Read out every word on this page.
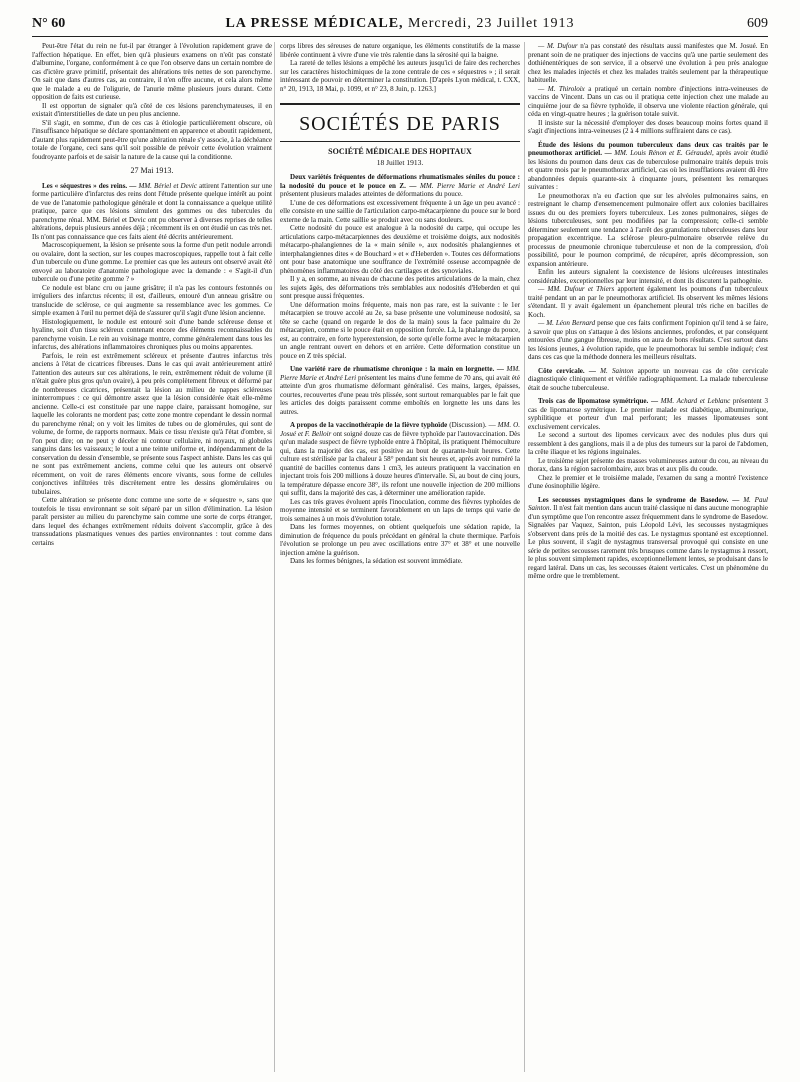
N° 60	LA PRESSE MÉDICALE, Mercredi, 23 Juillet 1913	609

Peut-être l'état du rein ne fut-il par étranger à l'évolution rapidement grave de l'affection hépatique. En effet, bien qu'à plusieurs examens on n'eût pas constaté d'albumine, l'organe, conformément à ce que l'on observe dans un certain nombre de cas d'ictère grave primitif, présentait des altérations très nettes de son parenchyme. On sait que dans d'autres cas, au contraire, il n'en offre aucune, et cela alors même que le malade a eu de l'oligurie, de l'anurie même plusieurs jours durant. Cette opposition de faits est curieuse.

Il est opportun de signaler qu'à côté de ces lésions parenchymateuses, il en existait d'interstitielles de date un peu plus ancienne.

S'il s'agit, en somme, d'un de ces cas à étiologie particulièrement obscure, où l'insuffisance hépatique se déclare spontanément en apparence et aboutit rapidement, d'autant plus rapidement peut-être qu'une altération rénale s'y associe, à la déchéance totale de l'organe, ceci sans qu'il soit possible de prévoir cette évolution vraiment foudroyante parfois et de saisir la nature de la cause qui la conditionne.

27 Mai 1913.

Les « séquestres » des reins. — MM. Bériel et Devic attirent l'attention sur une forme particulière d'infarctus des reins dont l'étude présente quelque intérêt au point de vue de l'anatomie pathologique générale et dont la connaissance a quelque utilité pratique, parce que ces lésions simulent des gommes ou des tubercules du parenchyme rénal. MM. Bériel et Devic ont pu observer à diverses reprises de telles altérations, depuis plusieurs années déjà ; récemment ils en ont étudié un cas très net. Ils n'ont pas connaissance que ces faits aient été décrits antérieurement.

Macroscopiquement, la lésion se présente sous la forme d'un petit nodule arrondi ou ovalaire, dont la section, sur les coupes macroscopiques, rappelle tout à fait celle d'un tubercule ou d'une gomme. Le premier cas que les auteurs ont observé avait été envoyé au laboratoire d'anatomie pathologique avec la demande : « S'agit-il d'un tubercule ou d'une petite gomme ? »

Ce nodule est blanc cru ou jaune grisâtre; il n'a pas les contours festonnés ou irréguliers des infarctus récents; il est, d'ailleurs, entouré d'un anneau grisâtre ou translucide de sclérose, ce qui augmente sa ressemblance avec les gommes. Ce simple examen à l'œil nu permet déjà de s'assurer qu'il s'agit d'une lésion ancienne.

Histologiquement, le nodule est entouré soit d'une bande scléreuse dense et hyaline, soit d'un tissu scléreux contenant encore des éléments reconnaissables du parenchyme voisin. Le rein au voisinage montre, comme généralement dans tous les infarctus, des altérations inflammatoires chroniques plus ou moins apparentes.

Parfois, le rein est extrêmement scléreux et présente d'autres infarctus très anciens à l'état de cicatrices fibreuses. Dans le cas qui avait antérieurement attiré l'attention des auteurs sur ces altérations, le rein, extrêmement réduit de volume (il n'était guère plus gros qu'un ovaire), à peu près complètement fibreux et déformé par de nombreuses cicatrices, présentait la lésion au milieu de nappes scléreuses ininterrompues : ce qui démontre assez que la lésion considérée était elle-même ancienne. Celle-ci est constituée par une nappe claire, paraissant homogène, sur laquelle les colorants ne mordent pas; cette zone montre cependant le dessin normal du parenchyme rénal; on y voit les limites de tubes ou de glomérules, qui sont de volume, de forme, de rapports normaux. Mais ce tissu n'existe qu'à l'état d'ombre, si l'on peut dire; on ne peut y déceler ni contour cellulaire, ni noyaux, ni globules sanguins dans les vaisseaux; le tout a une teinte uniforme et, indépendamment de la conservation du dessin d'ensemble, se présente sous l'aspect anhiste. Dans les cas qui ne sont pas extrêmement anciens, comme celui que les auteurs ont observé récemment, on voit de rares éléments encore vivants, sous forme de cellules conjonctives infiltrées très discrètement entre les dessins glomérulaires ou tubulaires.

Cette altération se présente donc comme une sorte de « séquestre », sans que toutefois le tissu environnant se soit séparé par un sillon d'élimination. La lésion paraît persister au milieu du parenchyme sain comme une sorte de corps étranger, dans lequel des échanges extrêmement réduits doivent s'accomplir, grâce à des transsudations plasmatiques venues des parties environnantes : tout comme dans certains

corps libres des séreuses de nature organique, les éléments constitutifs de la masse libérée continuent à vivre d'une vie très ralentie dans la sérosité qui la baigne.

La rareté de telles lésions a empêché les auteurs jusqu'ici de faire des recherches sur les caractères histochimiques de la zone centrale de ces « séquestres » ; il serait intéressant de pouvoir en déterminer la constitution. [D'après Lyon médical, t. CXX, n° 20, 1913, 18 Mai, p. 1099, et n° 23, 8 Juin, p. 1263.]

SOCIÉTÉS DE PARIS

SOCIÉTÉ MÉDICALE DES HOPITAUX

18 Juillet 1913.

Deux variétés fréquentes de déformations rhumatismales séniles du pouce : la nodosité du pouce et le pouce en Z. — MM. Pierre Marie et André Leri présentent plusieurs malades atteintes de déformations du pouce.

L'une de ces déformations est excessivement fréquente à un âge un peu avancé : elle consiste en une saillie de l'articulation carpo-métacarpienne du pouce sur le bord externe de la main. Cette saillie se produit avec ou sans douleurs.

Cette nodosité du pouce est analogue à la nodosité du carpe, qui occupe les articulations carpo-métacarpiennes des deuxième et troisième doigts, aux nodosités métacarpo-phalangiennes de la « main sénile », aux nodosités phalangiennes et interphalangiennes dites « de Bouchard » et « d'Heberden ». Toutes ces déformations ont pour base anatomique une souffrance de l'extrémité osseuse accompagnée de phénomènes inflammatoires du côté des cartilages et des synoviales.

Il y a, en somme, au niveau de chacune des petites articulations de la main, chez les sujets âgés, des déformations très semblables aux nodosités d'Heberden et qui sont presque aussi fréquentes.

Une déformation moins fréquente, mais non pas rare, est la suivante : le 1er métacarpien se trouve accolé au 2e, sa base présente une volumineuse nodosité, sa tête se cache (quand on regarde le dos de la main) sous la face palmaire du 2e métacarpien, comme si le pouce était en opposition forcée. Là, la phalange du pouce, est, au contraire, en forte hyperextension, de sorte qu'elle forme avec le métacarpien un angle rentrant ouvert en dehors et en arrière. Cette déformation constitue un pouce en Z très spécial.

Une variété rare de rhumatisme chronique : la main en lorgnette. — MM. Pierre Marie et André Leri présentent les mains d'une femme de 70 ans, qui avait été atteinte d'un gros rhumatisme déformant généralisé. Ces mains, larges, épaisses, courtes, recouvertes d'une peau très plissée, sont surtout remarquables par le fait que les articles des doigts paraissent comme emboîtés en lorgnette les uns dans les autres.

A propos de la vaccinothérapie de la fièvre typhoïde (Discussion). — MM. O. Josué et F. Belloir ont soigné douze cas de fièvre typhoïde par l'autovaccination. Dès qu'un malade suspect de fièvre typhoïde entre à l'hôpital, ils pratiquent l'hémoculture qui, dans la majorité des cas, est positive au bout de quarante-huit heures. Cette culture est stérilisée par la chaleur à 58° pendant six heures et, après avoir numéré la quantité de bacilles contenus dans 1 cm3, les auteurs pratiquent la vaccination en injectant trois fois 200 millions à douze heures d'intervalle. Si, au bout de cinq jours, la température dépasse encore 38°, ils refont une nouvelle injection de 200 millions qui suffit, dans la majorité des cas, à déterminer une amélioration rapide.

Les cas très graves évoluent après l'inoculation, comme des fièvres typhoïdes de moyenne intensité et se terminent favorablement en un laps de temps qui varie de trois semaines à un mois d'évolution totale.

Dans les formes moyennes, on obtient quelquefois une sédation rapide, la diminution de fréquence du pouls précédant en général la chute thermique. Parfois l'évolution se prolonge un peu avec oscillations entre 37° et 38° et une nouvelle injection amène la guérison.

Dans les formes bénignes, la sédation est souvent immédiate.

— M. Dufour n'a pas constaté des résultats aussi manifestes que M. Josué. En prenant soin de ne pratiquer des injections de vaccins qu'à une partie seulement des dothiénentériques de son service, il a observé une évolution à peu près analogue chez les malades injectés et chez les malades traités seulement par la thérapeutique habituelle.

— M. Thiroloix a pratiqué un certain nombre d'injections intra-veineuses de vaccins de Vincent. Dans un cas ou il pratiqua cette injection chez une malade au cinquième jour de sa fièvre typhoïde, il observa une violente réaction générale, qui céda en vingt-quatre heures ; la guérison totale suivit.

Il insiste sur la nécessité d'employer des doses beaucoup moins fortes quand il s'agit d'injections intra-veineuses (2 à 4 millions suffiraient dans ce cas).

Étude des lésions du poumon tuberculeux dans deux cas traités par le pneumothorax artificiel. — MM. Louis Rénon et E. Géraudel, après avoir étudié les lésions du poumon dans deux cas de tuberculose pulmonaire traités depuis trois et quatre mois par le pneumothorax artificiel, cas où les insufflations avaient dû être abandonnées depuis quarante-six à cinquante jours, présentent les remarques suivantes :

Le pneumothorax n'a eu d'action que sur les alvéoles pulmonaires sains, en restreignant le champ d'ensemencement pulmonaire offert aux colonies bacillaires issues du ou des premiers foyers tuberculeux. Les zones pulmonaires, sièges de lésions tuberculeuses, sont peu modifiées par la compression; celle-ci semble déterminer seulement une tendance à l'arrêt des granulations tuberculeuses dans leur propagation excentrique. La sclérose pleuro-pulmonaire observée relève du processus de pneumonie chronique tuberculeuse et non de la compression, d'où possibilité, pour le poumon comprimé, de récupérer, après décompression, son expansion antérieure.

Enfin les auteurs signalent la coexistence de lésions ulcéreuses intestinales considérables, exceptionnelles par leur intensité, et dont ils discutent la pathogénie.

— MM. Dufour et Thiers apportent également les poumons d'un tuberculeux traité pendant un an par le pneumothorax artificiel. Ils observent les mêmes lésions s'étendant. Il y avait également un épanchement pleural très riche en bacilles de Koch.

— M. Léon Bernard pense que ces faits confirment l'opinion qu'il tend à se faire, à savoir que plus on s'attaque à des lésions anciennes, profondes, et par conséquent entourées d'une gangue fibreuse, moins on aura de bons résultats. C'est surtout dans les lésions jeunes, à évolution rapide, que le pneumothorax lui semble indiqué; c'est dans ces cas que la méthode donnera les meilleurs résultats.

Côte cervicale. — M. Sainton apporte un nouveau cas de côte cervicale diagnostiquée cliniquement et vérifiée radiographiquement. La malade tuberculeuse était de souche tuberculeuse.

Trois cas de lipomatose symétrique. — MM. Achard et Leblanc présentent 3 cas de lipomatose symétrique. Le premier malade est diabétique, albuminurique, syphilitique et porteur d'un mal perforant; les masses lipomateuses sont exclusivement cervicales.

Le second a surtout des lipomes cervicaux avec des nodules plus durs qui ressemblent à des ganglions, mais il a de plus des tumeurs sur la paroi de l'abdomen, la crête iliaque et les régions inguinales.

Le troisième sujet présente des masses volumineuses autour du cou, au niveau du thorax, dans la région sacrolombaire, aux bras et aux plis du coude.

Chez le premier et le troisième malade, l'examen du sang a montré l'existence d'une éosinophilie légère.

Les secousses nystagmiques dans le syndrome de Basedow. — M. Paul Sainton. Il n'est fait mention dans aucun traité classique ni dans aucune monographie d'un symptôme que l'on rencontre assez fréquemment dans le syndrome de Basedow. Signalées par Vaquez, Sainton, puis Léopold Lévi, les secousses nystagmiques s'observent dans près de la moitié des cas. Le nystagmus spontané est exceptionnel. Le plus souvent, il s'agit de nystagmus transversal provoqué qui consiste en une série de petites secousses rarement très brusques comme dans le nystagmus à ressort, le plus souvent simplement rapides, exceptionnellement lentes, se produisant dans le regard latéral. Dans un cas, les secousses étaient verticales. C'est un phénomène du même ordre que le tremblement.
